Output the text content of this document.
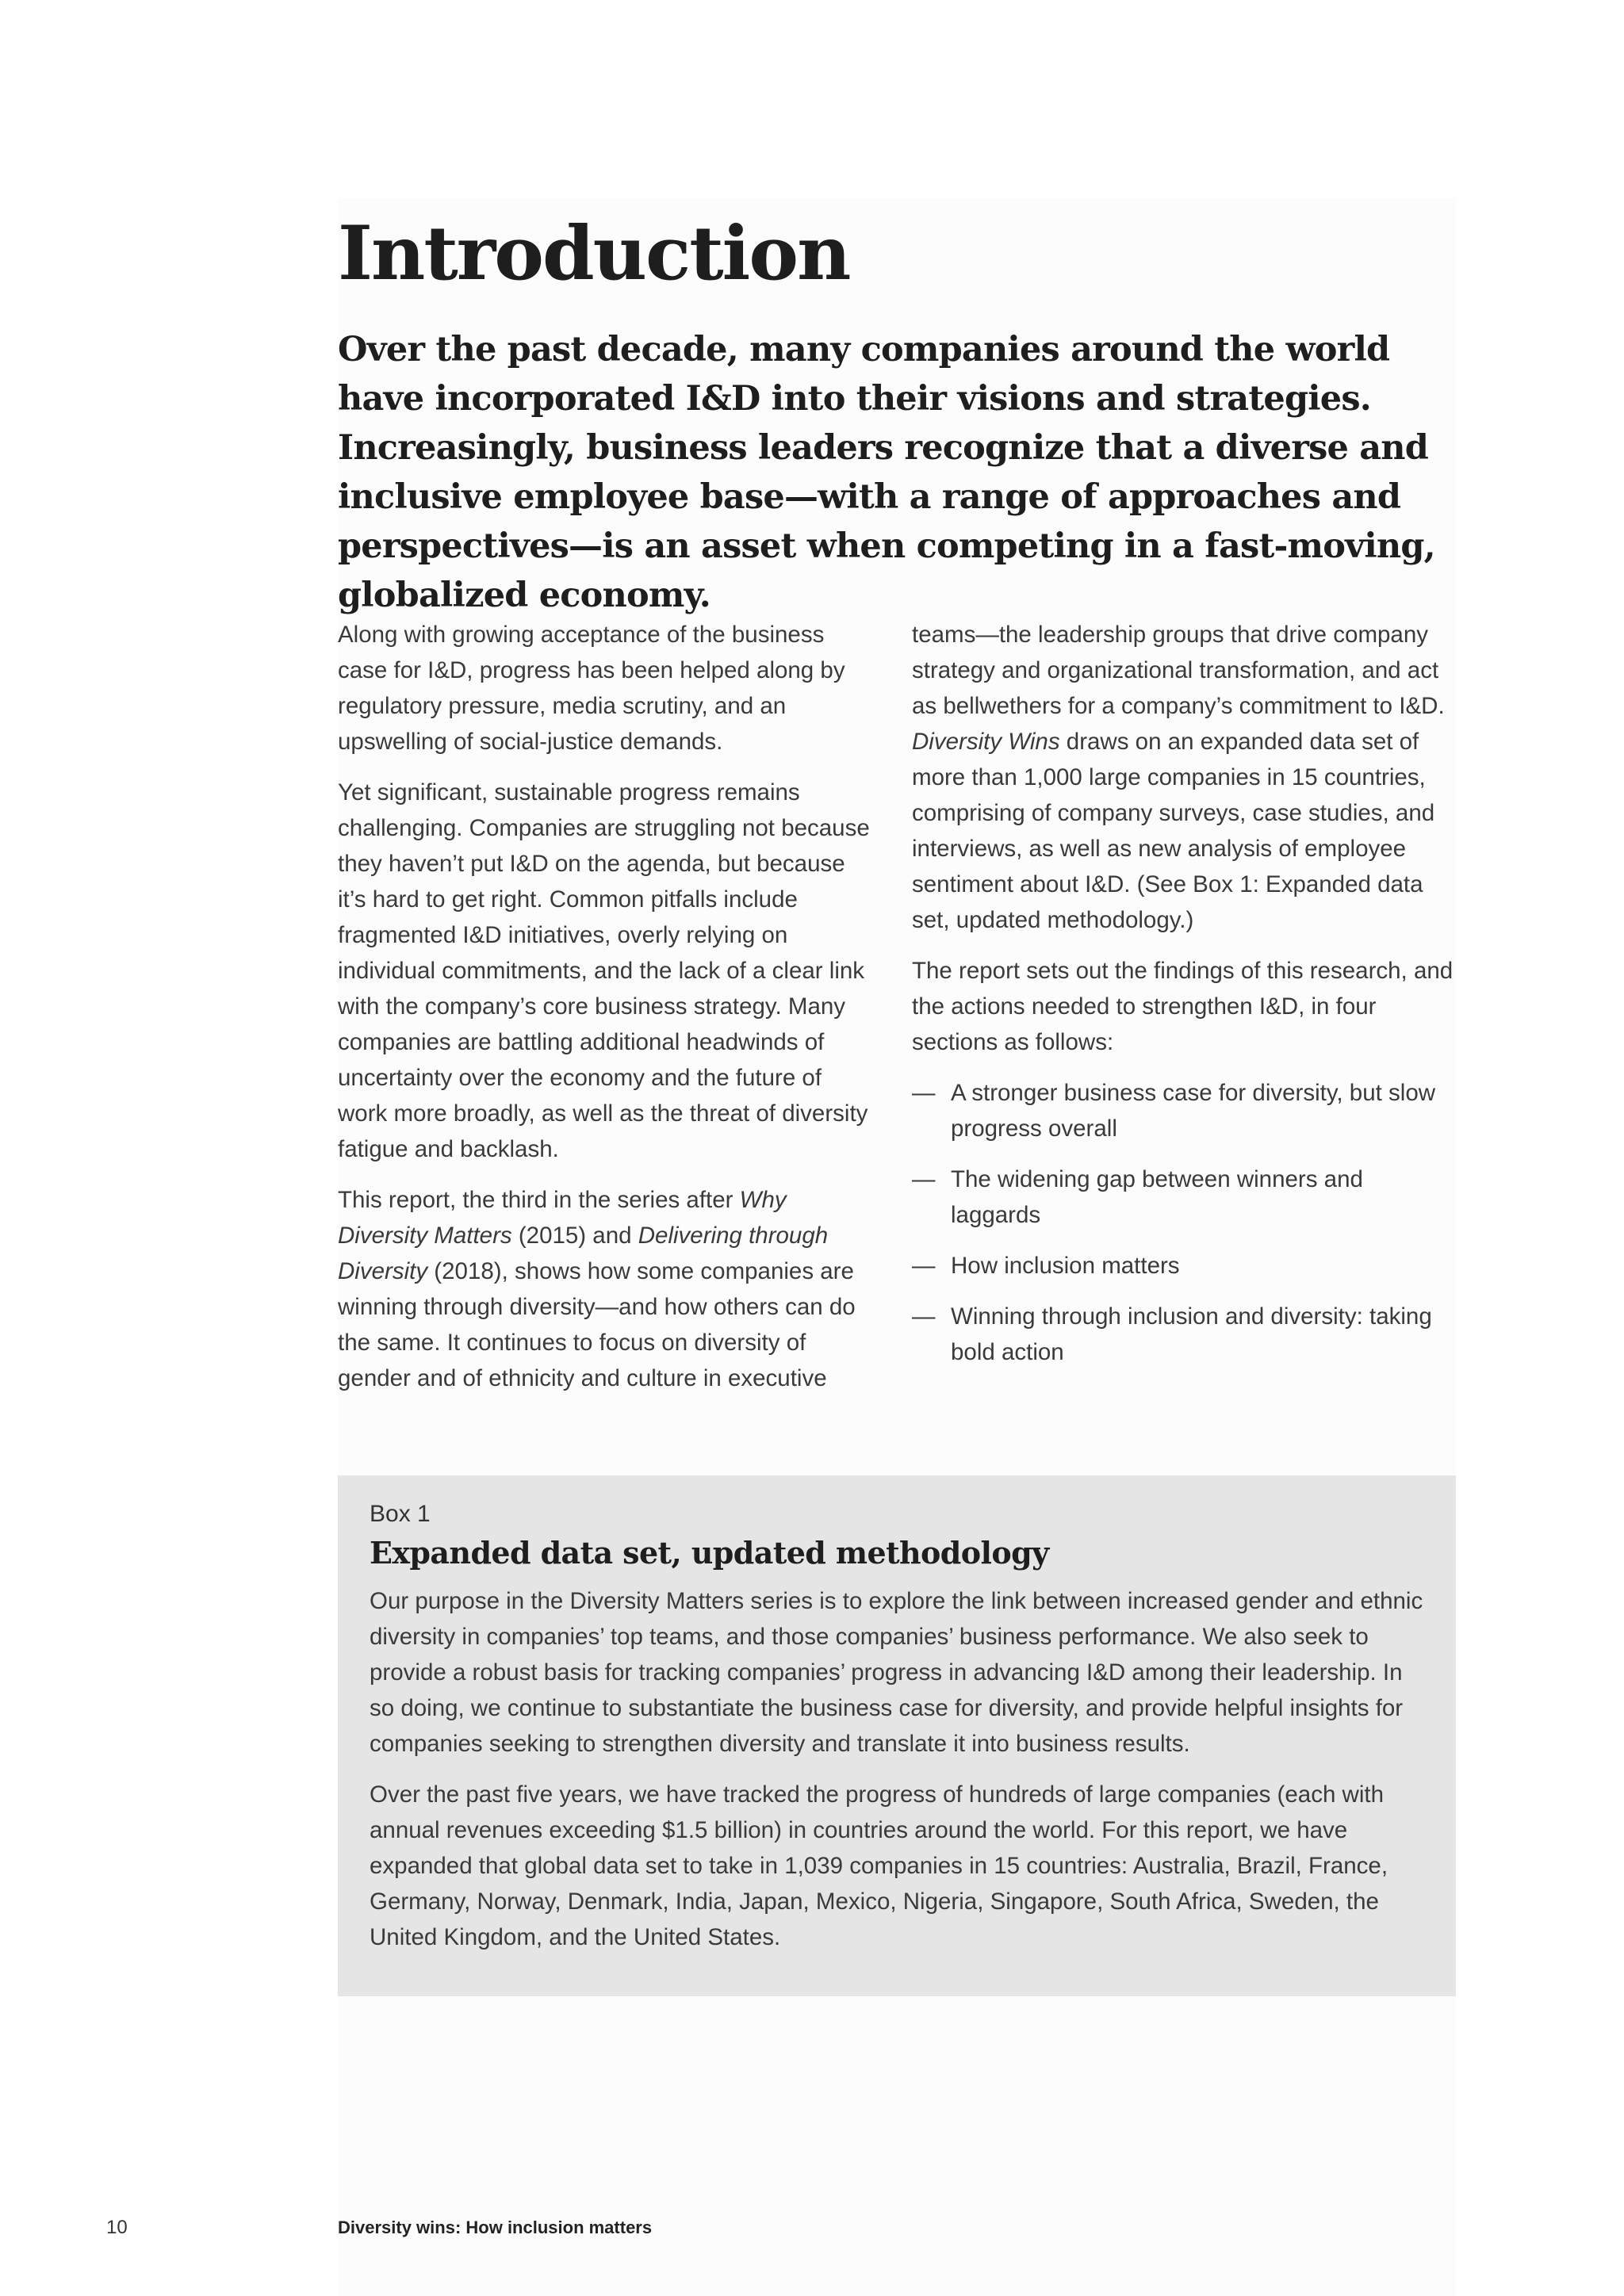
Introduction

Over the past decade, many companies around the world have incorporated I&D into their visions and strategies. Increasingly, business leaders recognize that a diverse and inclusive employee base—with a range of approaches and perspectives—is an asset when competing in a fast-moving, globalized economy.

Along with growing acceptance of the business case for I&D, progress has been helped along by regulatory pressure, media scrutiny, and an upswelling of social-justice demands.

Yet significant, sustainable progress remains challenging. Companies are struggling not because they haven’t put I&D on the agenda, but because it’s hard to get right. Common pitfalls include fragmented I&D initiatives, overly relying on individual commitments, and the lack of a clear link with the company’s core business strategy. Many companies are battling additional headwinds of uncertainty over the economy and the future of work more broadly, as well as the threat of diversity fatigue and backlash.

This report, the third in the series after Why Diversity Matters (2015) and Delivering through Diversity (2018), shows how some companies are winning through diversity—and how others can do the same. It continues to focus on diversity of gender and of ethnicity and culture in executive

teams—the leadership groups that drive company strategy and organizational transformation, and act as bellwethers for a company’s commitment to I&D. Diversity Wins draws on an expanded data set of more than 1,000 large companies in 15 countries, comprising of company surveys, case studies, and interviews, as well as new analysis of employee sentiment about I&D. (See Box 1: Expanded data set, updated methodology.)

The report sets out the findings of this research, and the actions needed to strengthen I&D, in four sections as follows:

— A stronger business case for diversity, but slow progress overall
— The widening gap between winners and laggards
— How inclusion matters
— Winning through inclusion and diversity: taking bold action

Box 1

Expanded data set, updated methodology

Our purpose in the Diversity Matters series is to explore the link between increased gender and ethnic diversity in companies’ top teams, and those companies’ business performance. We also seek to provide a robust basis for tracking companies’ progress in advancing I&D among their leadership. In so doing, we continue to substantiate the business case for diversity, and provide helpful insights for companies seeking to strengthen diversity and translate it into business results.

Over the past five years, we have tracked the progress of hundreds of large companies (each with annual revenues exceeding $1.5 billion) in countries around the world. For this report, we have expanded that global data set to take in 1,039 companies in 15 countries: Australia, Brazil, France, Germany, Norway, Denmark, India, Japan, Mexico, Nigeria, Singapore, South Africa, Sweden, the United Kingdom, and the United States.

10	Diversity wins: How inclusion matters
